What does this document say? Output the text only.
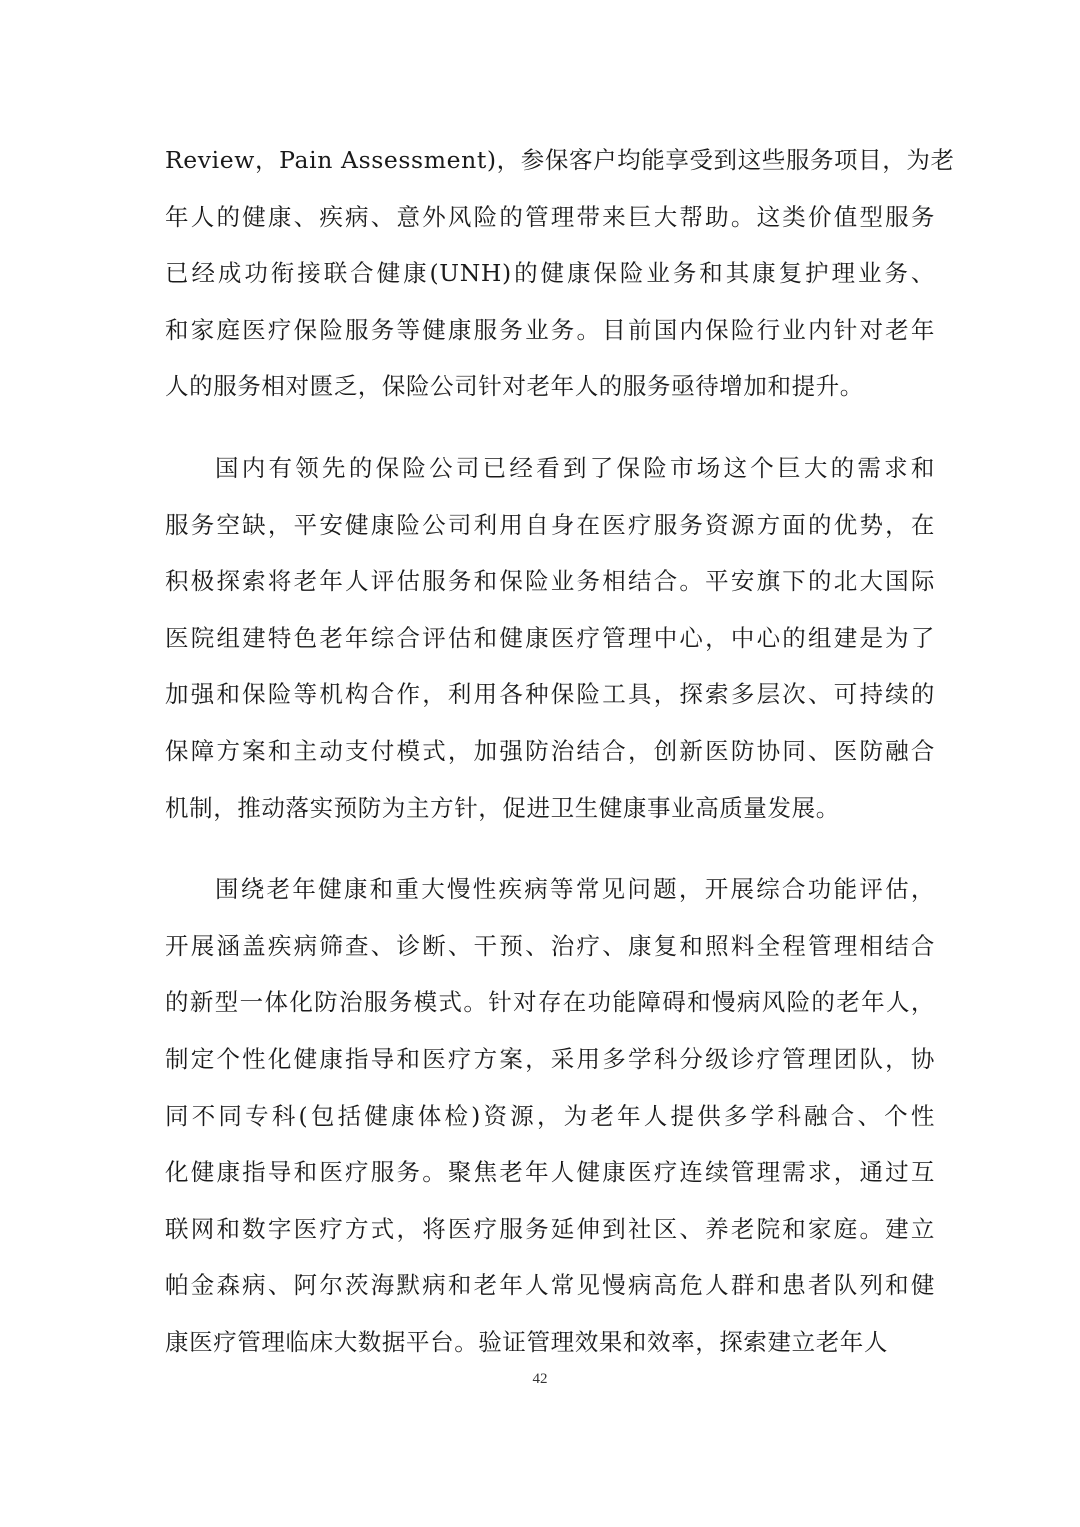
Review，Pain Assessment)，参保客户均能享受到这些服务项目，为老
年人的健康、疾病、意外风险的管理带来巨大帮助。这类价值型服务
已经成功衔接联合健康(UNH)的健康保险业务和其康复护理业务、
和家庭医疗保险服务等健康服务业务。目前国内保险行业内针对老年
人的服务相对匮乏，保险公司针对老年人的服务亟待增加和提升。
国内有领先的保险公司已经看到了保险市场这个巨大的需求和
服务空缺，平安健康险公司利用自身在医疗服务资源方面的优势，在
积极探索将老年人评估服务和保险业务相结合。平安旗下的北大国际
医院组建特色老年综合评估和健康医疗管理中心，中心的组建是为了
加强和保险等机构合作，利用各种保险工具，探索多层次、可持续的
保障方案和主动支付模式，加强防治结合，创新医防协同、医防融合
机制，推动落实预防为主方针，促进卫生健康事业高质量发展。
围绕老年健康和重大慢性疾病等常见问题，开展综合功能评估，
开展涵盖疾病筛查、诊断、干预、治疗、康复和照料全程管理相结合
的新型一体化防治服务模式。针对存在功能障碍和慢病风险的老年人，
制定个性化健康指导和医疗方案，采用多学科分级诊疗管理团队，协
同不同专科(包括健康体检)资源，为老年人提供多学科融合、个性
化健康指导和医疗服务。聚焦老年人健康医疗连续管理需求，通过互
联网和数字医疗方式，将医疗服务延伸到社区、养老院和家庭。建立
帕金森病、阿尔茨海默病和老年人常见慢病高危人群和患者队列和健
康医疗管理临床大数据平台。验证管理效果和效率，探索建立老年人
42
